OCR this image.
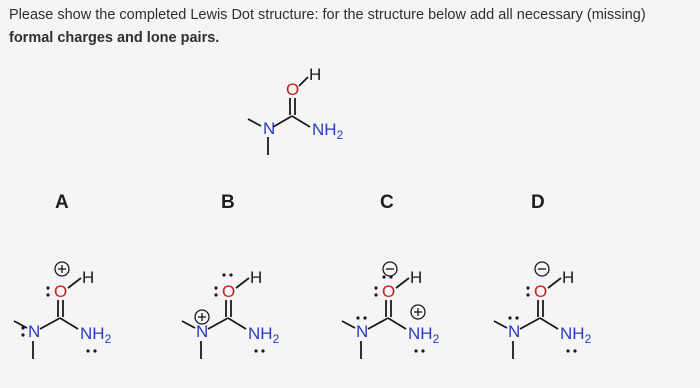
Please show the completed Lewis Dot structure: for the structure below add all necessary (missing) formal charges and lone pairs.
O
H
N $NH_2$
A	B	C	D
O
H
N $NH_2$
O
H
N $NH_2$
O
H
N $NH_2$
O
H
N $NH_2$
